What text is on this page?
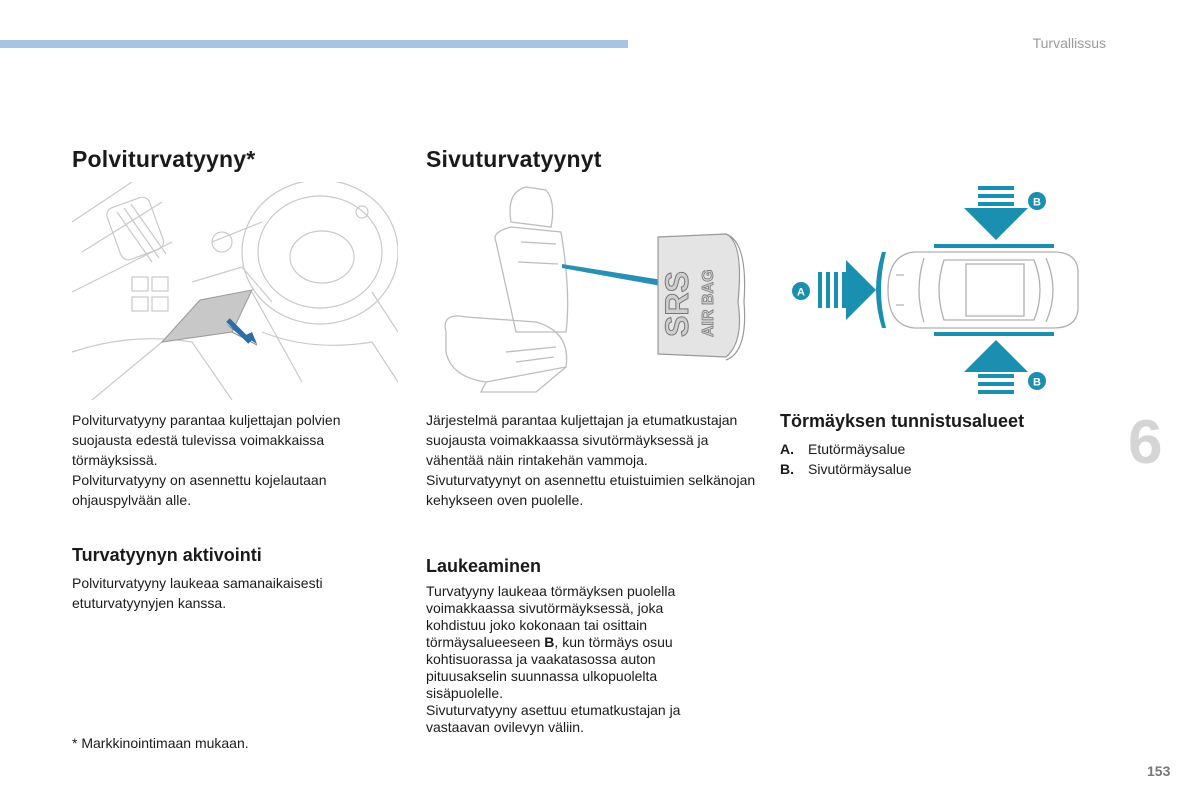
Turvallissus
Polviturvatyyny*

Polviturvatyyny parantaa kuljettajan polvien suojausta edestä tulevissa voimakkaissa törmäyksissä.

Polviturvatyyny on asennettu kojelautaan ohjauspylvään alle.

Turvatyynyn aktivointi
Polviturvatyyny laukeaa samanaikaisesti etuturvatyynyjen kanssa.
* Markkinointimaan mukaan.
Sivuturvatyynyt
SRS AIR BAG

Järjestelmä parantaa kuljettajan ja etumatkustajan suojausta voimakkaassa sivutörmäyksessä ja vähentää näin rintakehän vammoja.

Sivuturvatyynyt on asennettu etuistuimien selkänojan kehykseen oven puolelle.

Laukeaminen

Turvatyyny laukeaa törmäyksen puolella voimakkaassa sivutörmäyksessä, joka kohdistuu joko kokonaan tai osittain törmäysalueeseen B, kun törmäys osuu kohtisuorassa ja vaakatasossa auton pituusakselin suunnassa ulkopuolelta sisäpuolelle.

Sivuturvatyyny asettuu etumatkustajan ja vastaavan ovilevyn väliin.

A
B
B
Törmäyksen tunnistusalueet
A.	Etutörmäysalue
B.	Sivutörmäysalue	6
153
